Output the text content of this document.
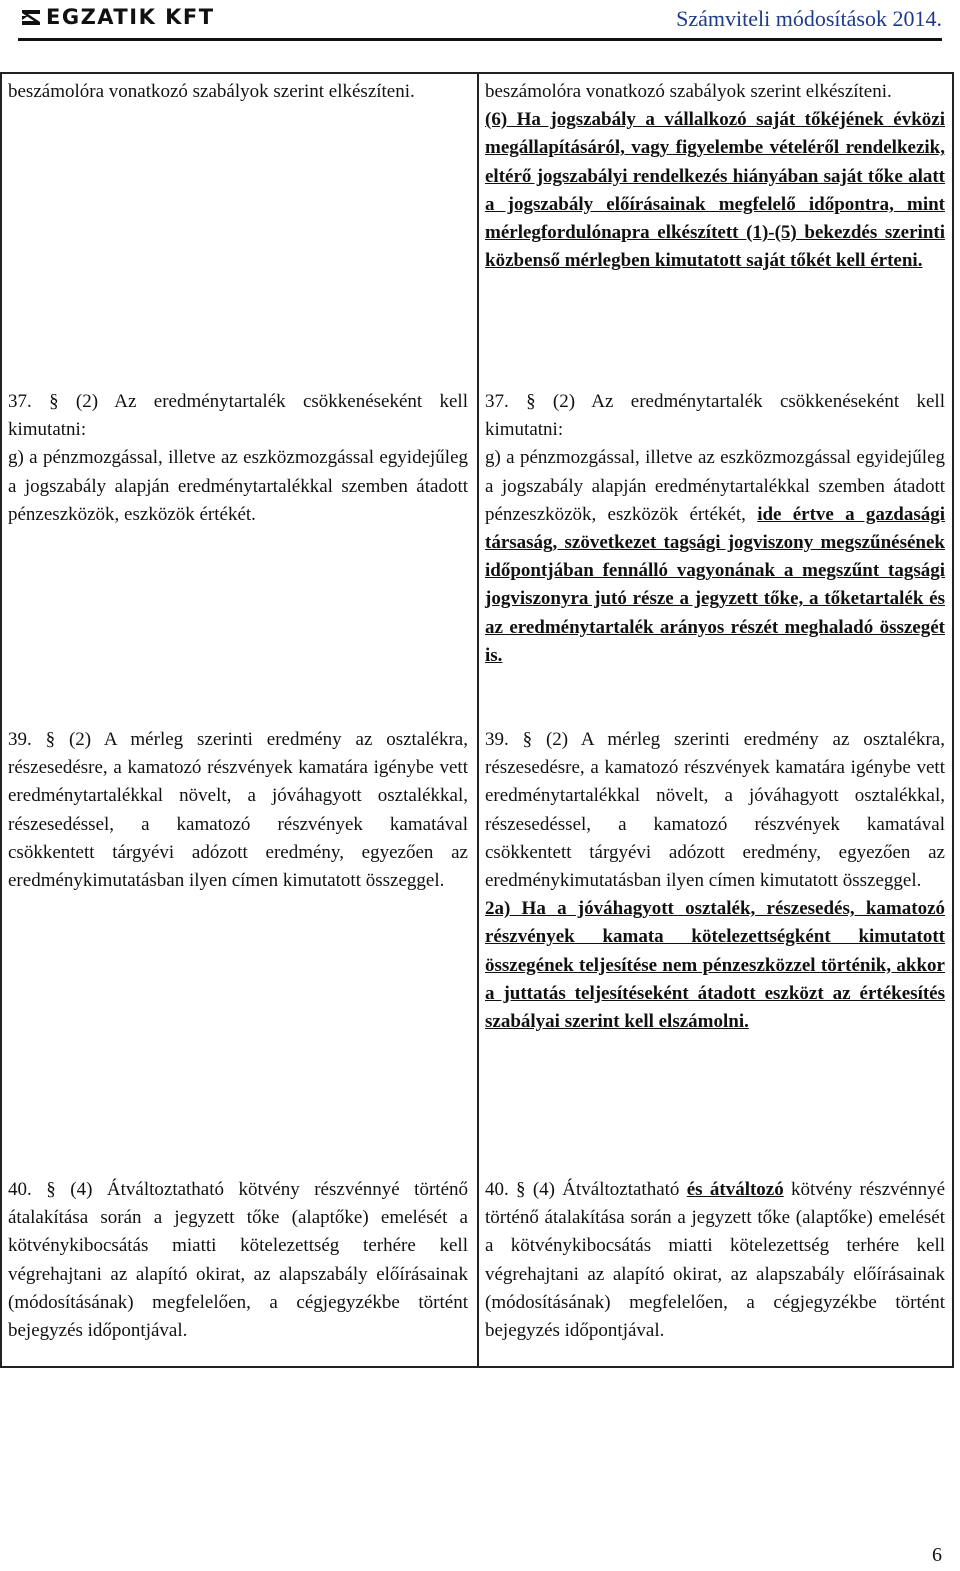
EGZATIK KFT	Számviteli módosítások 2014.

beszámolóra vonatkozó szabályok szerint elkészíteni.

37. § (2) Az eredménytartalék csökkenéseként kell kimutatni:

g) a pénzmozgással, illetve az eszközmozgással egyidejűleg a jogszabály alapján eredménytartalékkal szemben átadott pénzeszközök, eszközök értékét.

39. § (2) A mérleg szerinti eredmény az osztalékra, részesedésre, a kamatozó részvények kamatára igénybe vett eredménytartalékkal növelt, a jóváhagyott osztalékkal, részesedéssel, a kamatozó részvények kamatával csökkentett tárgyévi adózott eredmény, egyezően az eredménykimutatásban ilyen címen kimutatott összeggel.

40. § (4) Átváltoztatható kötvény részvénnyé történő átalakítása során a jegyzett tőke (alaptőke) emelését a kötvénykibocsátás miatti kötelezettség terhére kell végrehajtani az alapító okirat, az alapszabály előírásainak (módosításának) megfelelően, a cégjegyzékbe történt bejegyzés időpontjával.

beszámolóra vonatkozó szabályok szerint elkészíteni.

(6) Ha jogszabály a vállalkozó saját tőkéjének évközi megállapításáról, vagy figyelembe vételéről rendelkezik, eltérő jogszabályi rendelkezés hiányában saját tőke alatt a jogszabály előírásainak megfelelő időpontra, mint mérlegfordulónapra elkészített (1)-(5) bekezdés szerinti közbenső mérlegben kimutatott saját tőkét kell érteni.

37. § (2) Az eredménytartalék csökkenéseként kell kimutatni:

g) a pénzmozgással, illetve az eszközmozgással egyidejűleg a jogszabály alapján eredménytartalékkal szemben átadott pénzeszközök, eszközök értékét, ide értve a gazdasági társaság, szövetkezet tagsági jogviszony megszűnésének időpontjában fennálló vagyonának a megszűnt tagsági jogviszonyra jutó része a jegyzett tőke, a tőketartalék és az eredménytartalék arányos részét meghaladó összegét is.

39. § (2) A mérleg szerinti eredmény az osztalékra, részesedésre, a kamatozó részvények kamatára igénybe vett eredménytartalékkal növelt, a jóváhagyott osztalékkal, részesedéssel, a kamatozó részvények kamatával csökkentett tárgyévi adózott eredmény, egyezően az eredménykimutatásban ilyen címen kimutatott összeggel.

2a) Ha a jóváhagyott osztalék, részesedés, kamatozó részvények kamata kötelezettségként kimutatott összegének teljesítése nem pénzeszközzel történik, akkor a juttatás teljesítéseként átadott eszközt az értékesítés szabályai szerint kell elszámolni.

40. § (4) Átváltoztatható és átváltozó kötvény részvénnyé történő átalakítása során a jegyzett tőke (alaptőke) emelését a kötvénykibocsátás miatti kötelezettség terhére kell végrehajtani az alapító okirat, az alapszabály előírásainak (módosításának) megfelelően, a cégjegyzékbe történt bejegyzés időpontjával.

6
